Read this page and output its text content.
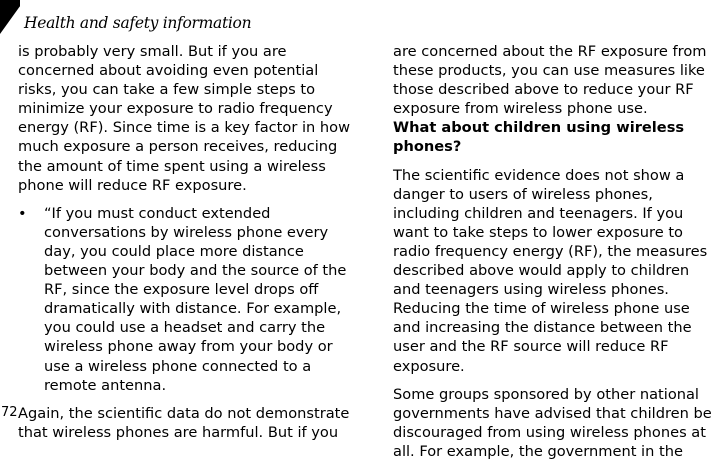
Health and safety information

is probably very small. But if you are concerned about avoiding even potential risks, you can take a few simple steps to minimize your exposure to radio frequency energy (RF). Since time is a key factor in how much exposure a person receives, reducing the amount of time spent using a wireless phone will reduce RF exposure.

•	“If you must conduct extended conversations by wireless phone every day, you could place more distance between your body and the source of the RF, since the exposure level drops off dramatically with distance. For example, you could use a headset and carry the wireless phone away from your body or use a wireless phone connected to a remote antenna.

Again, the scientific data do not demonstrate that wireless phones are harmful. But if you

are concerned about the RF exposure from these products, you can use measures like those described above to reduce your RF exposure from wireless phone use.

What about children using wireless phones?

The scientific evidence does not show a danger to users of wireless phones, including children and teenagers. If you want to take steps to lower exposure to radio frequency energy (RF), the measures described above would apply to children and teenagers using wireless phones. Reducing the time of wireless phone use and increasing the distance between the user and the RF source will reduce RF exposure.

Some groups sponsored by other national governments have advised that children be discouraged from using wireless phones at all. For example, the government in the

72
